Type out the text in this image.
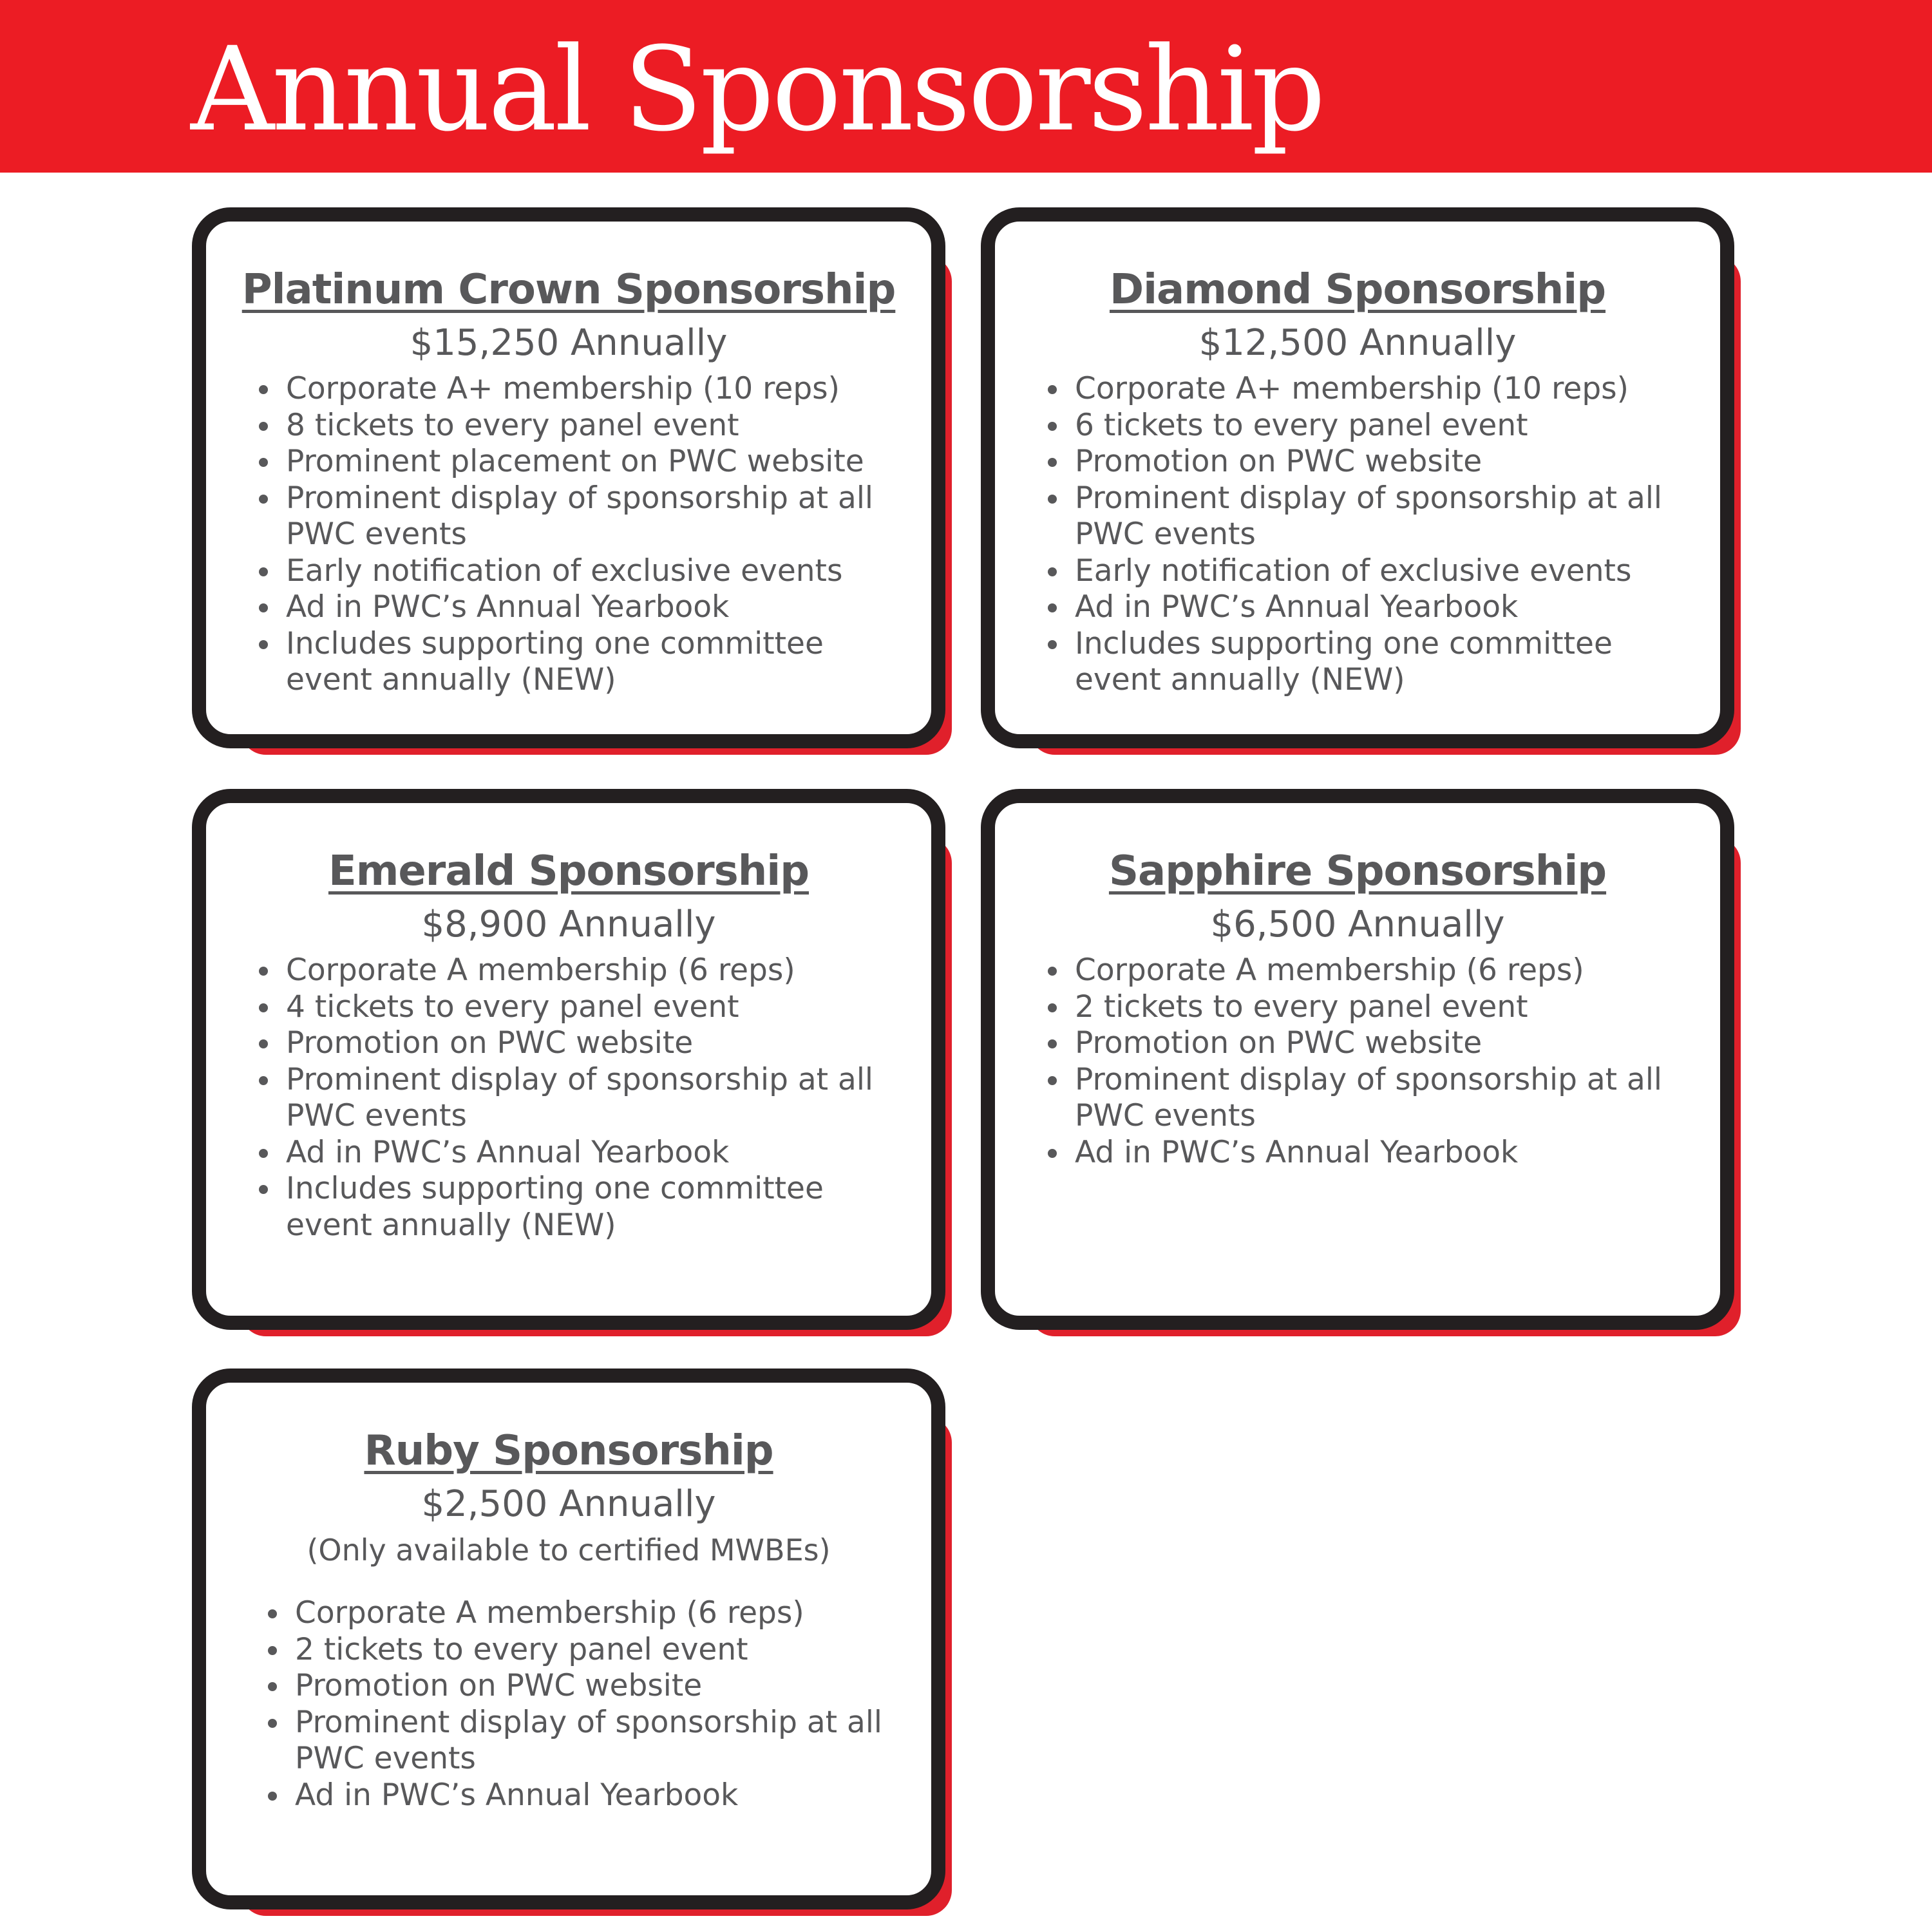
Annual Sponsorship
Platinum Crown Sponsorship

$15,250 Annually

Corporate A+ membership (10 reps)
8 tickets to every panel event
Prominent placement on PWC website
Prominent display of sponsorship at all PWC events
Early notification of exclusive events
Ad in PWC’s Annual Yearbook
Includes supporting one committee event annually (NEW)
Diamond Sponsorship

$12,500 Annually

Corporate A+ membership (10 reps)
6 tickets to every panel event
Promotion on PWC website
Prominent display of sponsorship at all PWC events
Early notification of exclusive events
Ad in PWC’s Annual Yearbook
Includes supporting one committee event annually (NEW)
Emerald Sponsorship

$8,900 Annually

Corporate A membership (6 reps)
4 tickets to every panel event
Promotion on PWC website
Prominent display of sponsorship at all PWC events
Ad in PWC’s Annual Yearbook
Includes supporting one committee event annually (NEW)
Sapphire Sponsorship

$6,500 Annually

Corporate A membership (6 reps)
2 tickets to every panel event
Promotion on PWC website
Prominent display of sponsorship at all PWC events
Ad in PWC’s Annual Yearbook
Ruby Sponsorship

$2,500 Annually

(Only available to certified MWBEs)

Corporate A membership (6 reps)
2 tickets to every panel event
Promotion on PWC website
Prominent display of sponsorship at all PWC events
Ad in PWC’s Annual Yearbook
